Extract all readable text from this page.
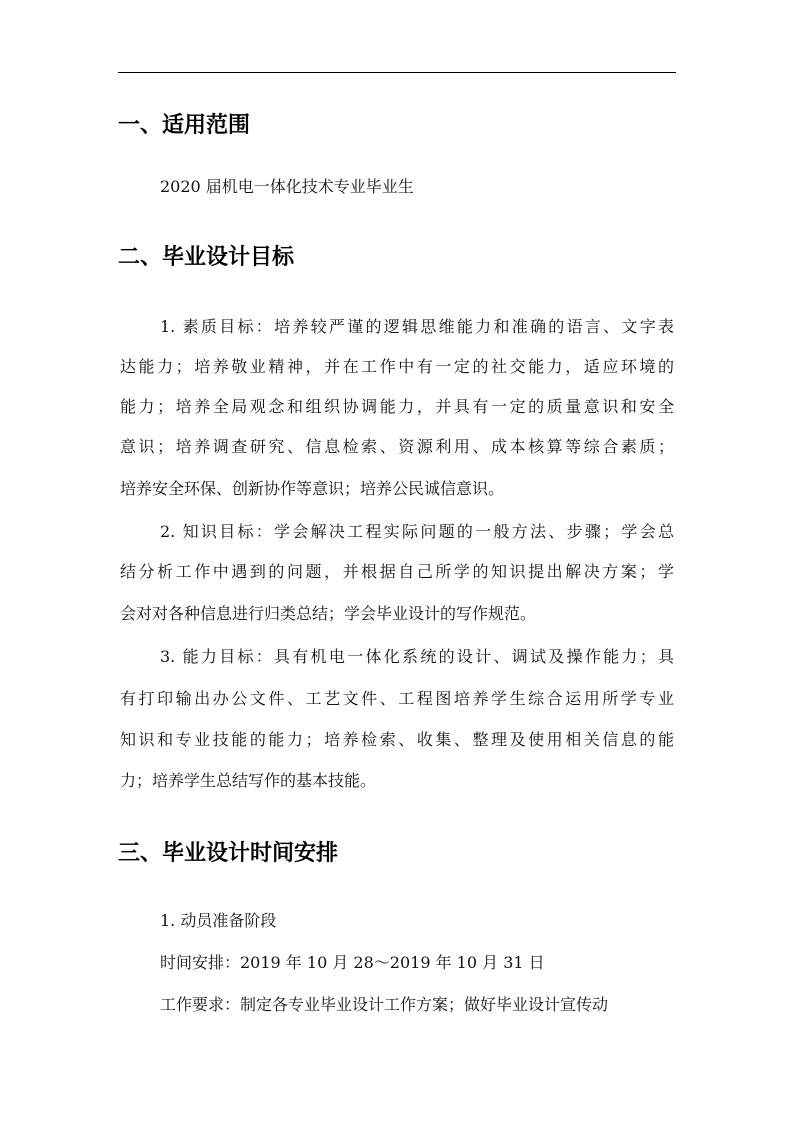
一、适用范围
2020 届机电一体化技术专业毕业生
二、毕业设计目标
1. 素质目标：培养较严谨的逻辑思维能力和准确的语言、文字表
达能力；培养敬业精神，并在工作中有一定的社交能力，适应环境的
能力；培养全局观念和组织协调能力，并具有一定的质量意识和安全
意识；培养调查研究、信息检索、资源利用、成本核算等综合素质；
培养安全环保、创新协作等意识；培养公民诚信意识。
2. 知识目标：学会解决工程实际问题的一般方法、步骤；学会总
结分析工作中遇到的问题，并根据自己所学的知识提出解决方案；学
会对对各种信息进行归类总结；学会毕业设计的写作规范。
3. 能力目标：具有机电一体化系统的设计、调试及操作能力；具
有打印输出办公文件、工艺文件、工程图培养学生综合运用所学专业
知识和专业技能的能力；培养检索、收集、整理及使用相关信息的能
力；培养学生总结写作的基本技能。
三、毕业设计时间安排
1. 动员准备阶段
时间安排：2019 年 10 月 28～2019 年 10 月 31 日
工作要求：制定各专业毕业设计工作方案；做好毕业设计宣传动
